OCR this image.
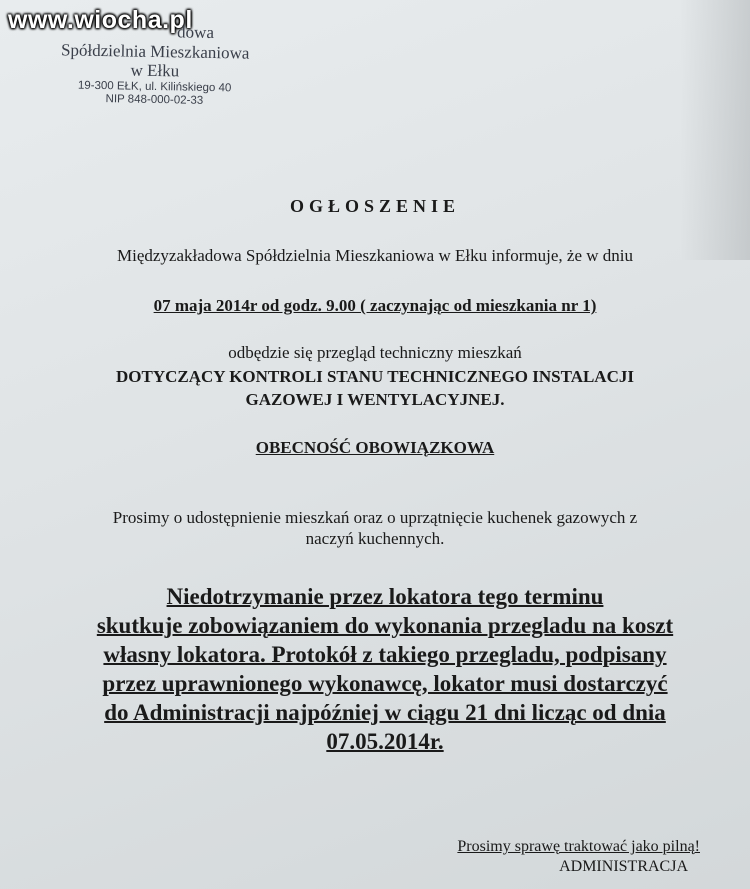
www.wiocha.pl
dowa
Spółdzielnia Mieszkaniowa
w Ełku
19-300 EŁK, ul. Kilińskiego 40
NIP 848-000-02-33
OGŁOSZENIE
Międzyzakładowa Spółdzielnia Mieszkaniowa w Ełku informuje, że w dniu
07 maja 2014r od godz. 9.00 ( zaczynając od mieszkania nr 1)
odbędzie się przegląd techniczny mieszkań
DOTYCZĄCY KONTROLI STANU TECHNICZNEGO INSTALACJI
GAZOWEJ I WENTYLACYJNEJ.
OBECNOŚĆ OBOWIĄZKOWA
Prosimy o udostępnienie mieszkań oraz o uprzątnięcie kuchenek gazowych z
naczyń kuchennych.
Niedotrzymanie przez lokatora tego terminu
skutkuje zobowiązaniem do wykonania przegladu na koszt
własny lokatora. Protokół z takiego przegladu, podpisany
przez uprawnionego wykonawcę, lokator musi dostarczyć
do Administracji najpóźniej w ciągu 21 dni licząc od dnia
07.05.2014r.
Prosimy sprawę traktować jako pilną!
ADMINISTRACJA
